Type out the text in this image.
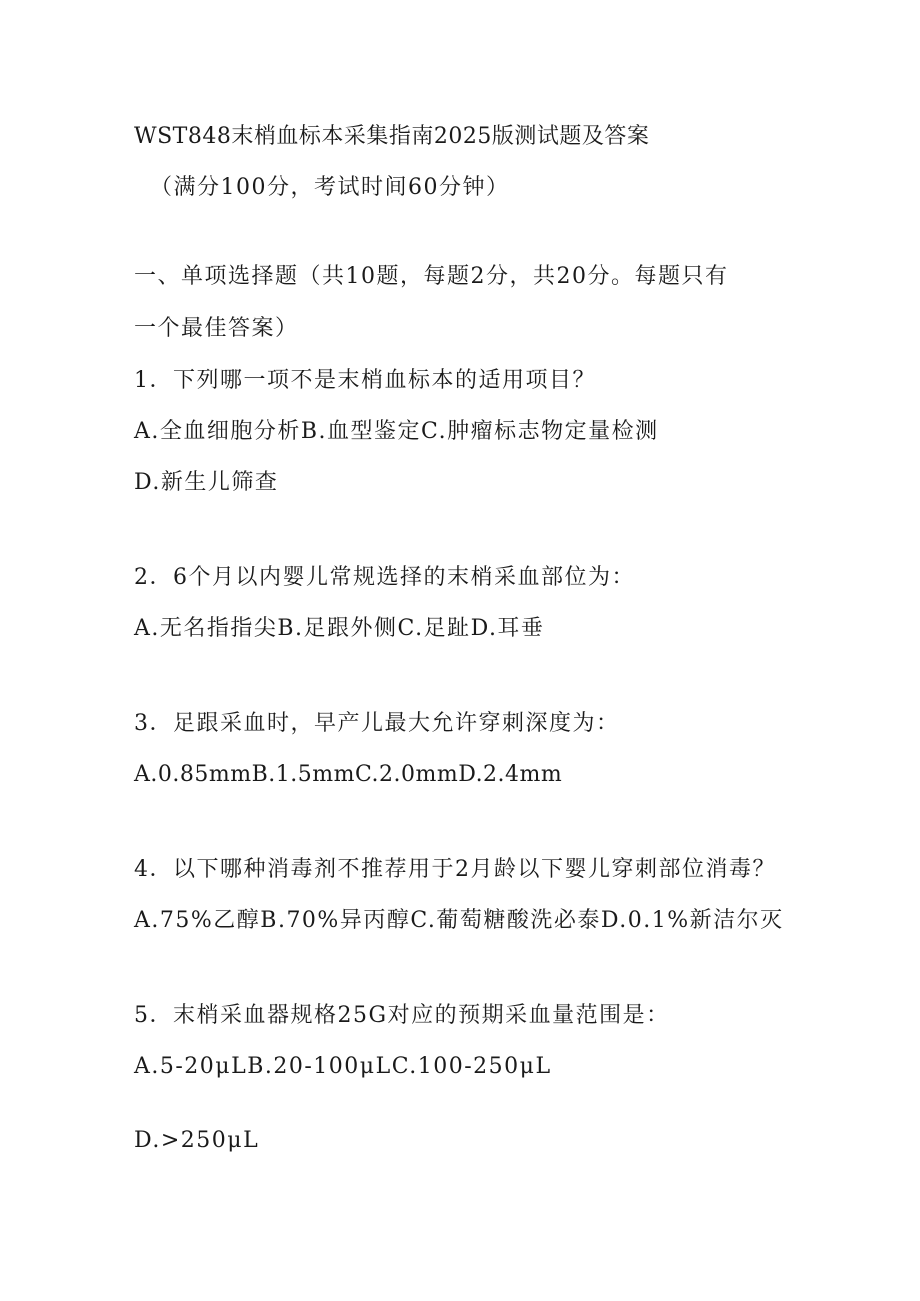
WST848末梢血标本采集指南2025版测试题及答案
（满分100分，考试时间60分钟）
一、单项选择题（共10题，每题2分，共20分。每题只有
一个最佳答案）
1．下列哪一项不是末梢血标本的适用项目？
A.全血细胞分析B.血型鉴定C.肿瘤标志物定量检测
D.新生儿筛查
2．6个月以内婴儿常规选择的末梢采血部位为：
A.无名指指尖B.足跟外侧C.足趾D.耳垂
3．足跟采血时，早产儿最大允许穿刺深度为：
A.0.85mmB.1.5mmC.2.0mmD.2.4mm
4．以下哪种消毒剂不推荐用于2月龄以下婴儿穿刺部位消毒？
A.75%乙醇B.70%异丙醇C.葡萄糖酸洗必泰D.0.1%新洁尔灭
5．末梢采血器规格25G对应的预期采血量范围是：
A.5-20μLB.20-100μLC.100-250μL
D.>250μL
